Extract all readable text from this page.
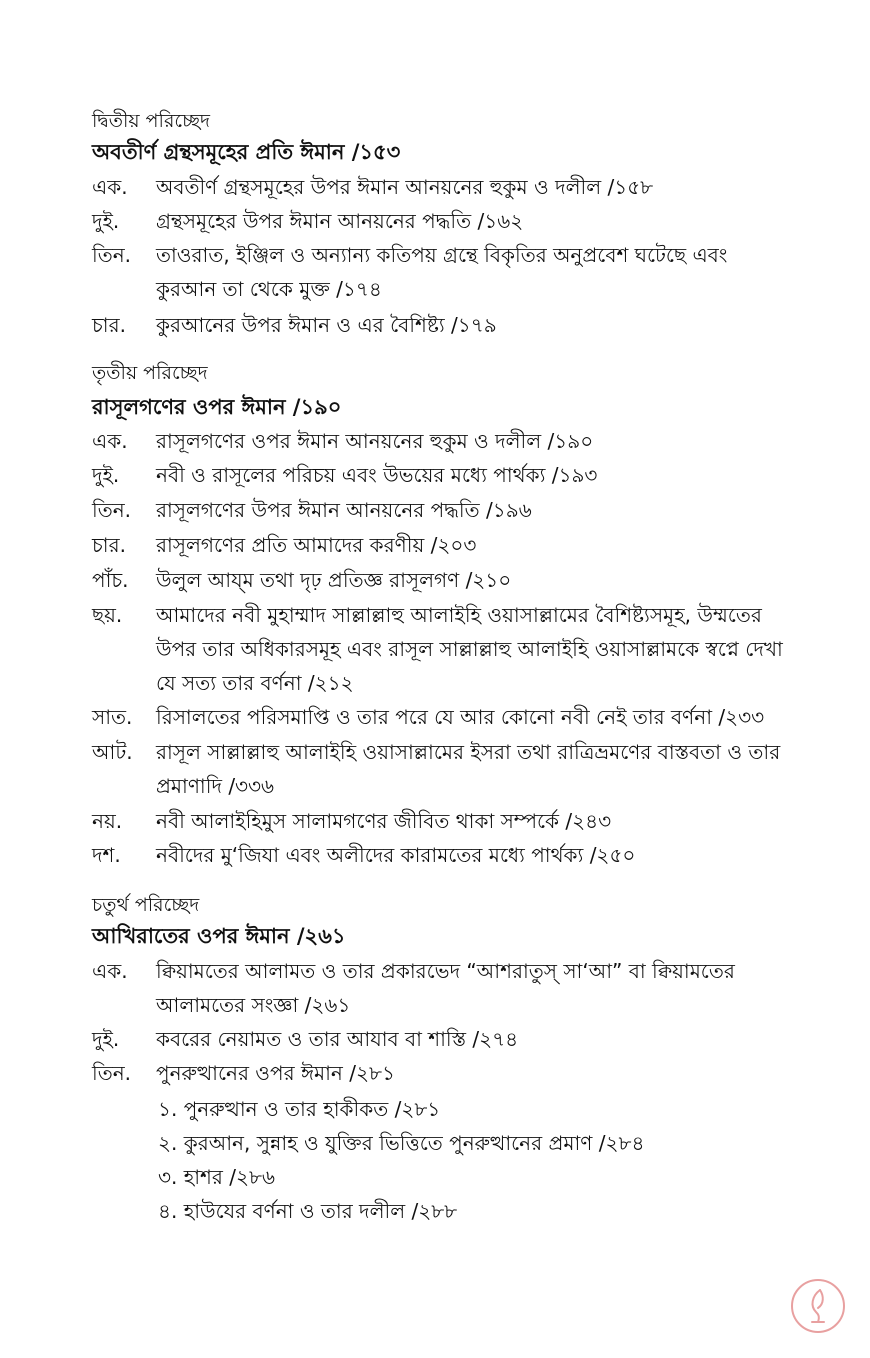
দ্বিতীয় পরিচ্ছেদ
অবতীর্ণ গ্রন্থসমূহের প্রতি ঈমান /১৫৩
এক. অবতীর্ণ গ্রন্থসমূহের উপর ঈমান আনয়নের হুকুম ও দলীল /১৫৮
দুই. গ্রন্থসমূহের উপর ঈমান আনয়নের পদ্ধতি /১৬২
তিন. তাওরাত, ইঞ্জিল ও অন্যান্য কতিপয় গ্রন্থে বিকৃতির অনুপ্রবেশ ঘটেছে এবং কুরআন তা থেকে মুক্ত /১৭৪
চার. কুরআনের উপর ঈমান ও এর বৈশিষ্ট্য /১৭৯
তৃতীয় পরিচ্ছেদ
রাসূলগণের ওপর ঈমান /১৯০
এক. রাসূলগণের ওপর ঈমান আনয়নের হুকুম ও দলীল /১৯০
দুই. নবী ও রাসূলের পরিচয় এবং উভয়ের মধ্যে পার্থক্য /১৯৩
তিন. রাসূলগণের উপর ঈমান আনয়নের পদ্ধতি /১৯৬
চার. রাসূলগণের প্রতি আমাদের করণীয় /২০৩
পাঁচ. উলুল আয্‌ম তথা দৃঢ় প্রতিজ্ঞ রাসূলগণ /২১০
ছয়. আমাদের নবী মুহাম্মাদ সাল্লাল্লাহু আলাইহি ওয়াসাল্লামের বৈশিষ্ট্যসমূহ, উম্মতের উপর তার অধিকারসমূহ এবং রাসূল সাল্লাল্লাহু আলাইহি ওয়াসাল্লামকে স্বপ্নে দেখা যে সত্য তার বর্ণনা /২১২
সাত. রিসালতের পরিসমাপ্তি ও তার পরে যে আর কোনো নবী নেই তার বর্ণনা /২৩৩
আট. রাসূল সাল্লাল্লাহু আলাইহি ওয়াসাল্লামের ইসরা তথা রাত্রিভ্রমণের বাস্তবতা ও তার প্রমাণাদি /৩৩৬
নয়. নবী আলাইহিমুস সালামগণের জীবিত থাকা সম্পর্কে /২৪৩
দশ. নবীদের মু‘জিযা এবং অলীদের কারামতের মধ্যে পার্থক্য /২৫০
চতুর্থ পরিচ্ছেদ
আখিরাতের ওপর ঈমান /২৬১
এক. ক্বিয়ামতের আলামত ও তার প্রকারভেদ “আশরাতুস্ সা‘আ” বা ক্বিয়ামতের আলামতের সংজ্ঞা /২৬১
দুই. কবরের নেয়ামত ও তার আযাব বা শাস্তি /২৭৪
তিন. পুনরুত্থানের ওপর ঈমান /২৮১
১. পুনরুত্থান ও তার হাকীকত /২৮১
২. কুরআন, সুন্নাহ ও যুক্তির ভিত্তিতে পুনরুত্থানের প্রমাণ /২৮৪
৩. হাশর /২৮৬
৪. হাউযের বর্ণনা ও তার দলীল /২৮৮
